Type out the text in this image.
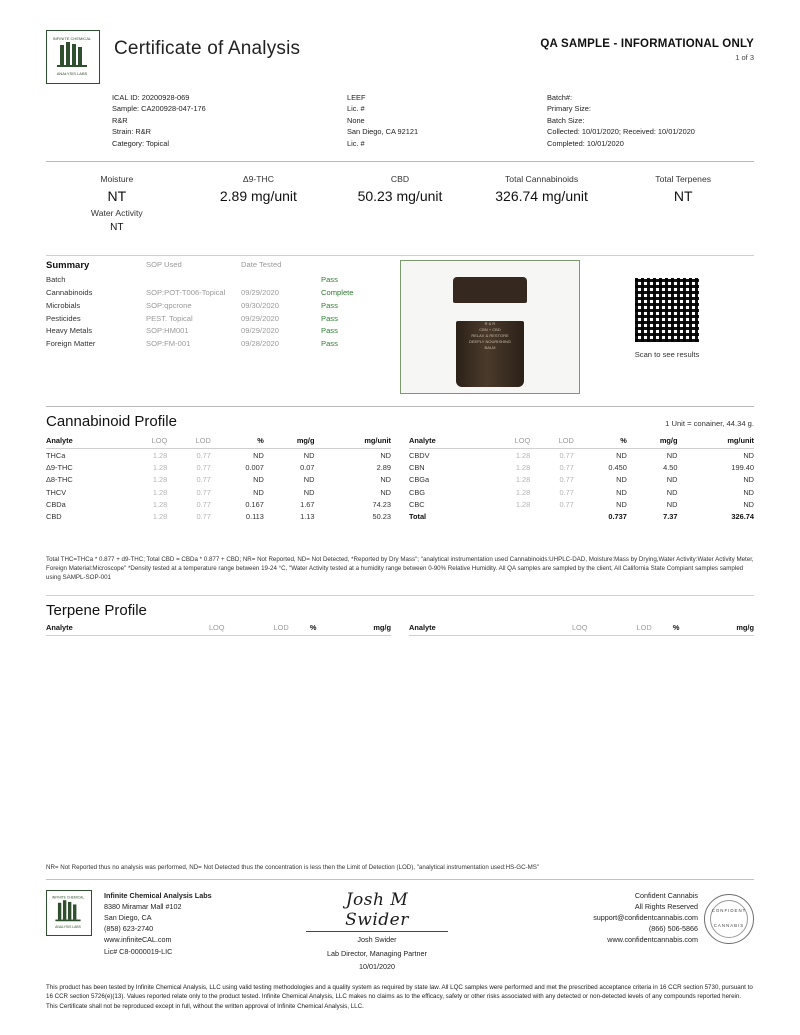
INFINITE CHEMICAL
ANALYSIS LABS
Certificate of Analysis	QA SAMPLE - INFORMATIONAL ONLY
1 of 3
ICAL ID: 20200928-069
Sample: CA200928-047-176
R&R
Strain: R&R
Category: Topical
LEEF
Lic. #
None
San Diego, CA 92121
Lic. #
Batch#:
Primary Size:
Batch Size:
Collected: 10/01/2020; Received: 10/01/2020
Completed: 10/01/2020
Moisture
NT
Water Activity
NT
Δ9-THC
2.89 mg/unit
CBD
50.23 mg/unit
Total Cannabinoids
326.74 mg/unit
Total Terpenes
NT
Summary	SOP Used	Date Tested
Batch	Pass
Cannabinoids	SOP:POT-T006-Topical	09/29/2020	Complete
Microbials	SOP:qpcrone	09/30/2020	Pass
Pesticides	PEST. Topical	09/29/2020	Pass
Heavy Metals	SOP:HM001	09/29/2020	Pass
Foreign Matter	SOP:FM-001	09/28/2020	Pass
R & R
CBN + CBD
RELAX & RESTORE
DEEPLY NOURISHING BALM
Scan to see results
1 Unit = conainer, 44.34 g.
Cannabinoid Profile
Analyte	LOQ	LOD	%	mg/g	mg/unit
THCa	1.28	0.77	ND	ND	ND
Δ9-THC	1.28	0.77	0.007	0.07	2.89
Δ8-THC	1.28	0.77	ND	ND	ND
THCV	1.28	0.77	ND	ND	ND
CBDa	1.28	0.77	0.167	1.67	74.23
CBD	1.28	0.77	0.113	1.13	50.23
Analyte	LOQ	LOD	%	mg/g	mg/unit
CBDV	1.28	0.77	ND	ND	ND
CBN	1.28	0.77	0.450	4.50	199.40
CBGa	1.28	0.77	ND	ND	ND
CBG	1.28	0.77	ND	ND	ND
CBC	1.28	0.77	ND	ND	ND
Total			0.737	7.37	326.74
Total THC=THCa * 0.877 + d9-THC; Total CBD = CBDa * 0.877 + CBD; NR= Not Reported, ND= Not Detected, *Reported by Dry Mass"; "analytical instrumentation used Cannabinoids:UHPLC-DAD, Moisture:Mass by Drying,Water Activity:Water Activity Meter, Foreign Material:Microscope" *Density tested at a temperature range between 19-24 °C, "Water Activity tested at a humidity range between 0-90% Relative Humidity. All QA samples are sampled by the client, All California State Compiant samples sampled using SAMPL-SOP-001
Terpene Profile
Analyte	LOQ	LOD	%	mg/g Analyte	LOQ	LOD	%	mg/g
NR= Not Reported thus no analysis was performed, ND= Not Detected thus the concentration is less then the Limit of Detection (LOD), "analytical instrumentation used:HS-GC-MS"
INFINITE CHEMICAL
ANALYSIS LABS
Infinite Chemical Analysis Labs
8380 Miramar Mall #102
San Diego, CA
(858) 623-2740
www.infiniteCAL.com
Lic# C8-0000019-LIC
Josh M Swider
Josh Swider
Lab Director, Managing Partner
10/01/2020
Confident Cannabis
All Rights Reserved
support@confidentcannabis.com
(866) 506-5866
www.confidentcannabis.com
CONFIDENT
CANNABIS
This product has been tested by Infinite Chemical Analysis, LLC using valid testing methodologies and a quality system as required by state law. All LQC samples were performed and met the prescribed acceptance criteria in 16 CCR section 5730, pursuant to 16 CCR section 5726(e)(13). Values reported relate only to the product tested. Infinite Chemical Analysis, LLC makes no claims as to the efficacy, safety or other risks associated with any detected or non-detected levels of any compounds reported herein. This Certificate shall not be reproduced except in full, without the written approval of Infinite Chemical Analysis, LLC.
